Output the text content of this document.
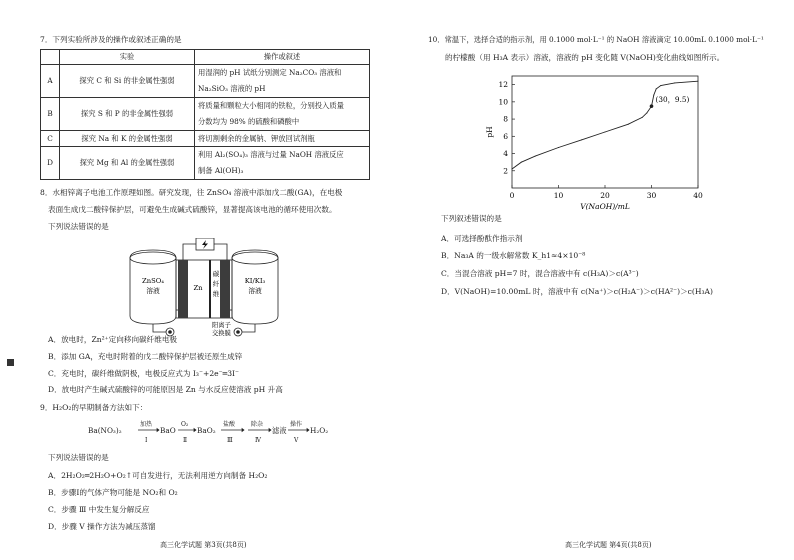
7．下列实验所涉及的操作或叙述正确的是
	实验	操作或叙述
A	探究 C 和 Si 的非金属性强弱	用湿润的 pH 试纸分别测定 Na₂CO₃ 溶液和
Na₂SiO₃ 溶液的 pH

B	探究 S 和 P 的非金属性强弱	将质量和颗粒大小相同的铁粒，分别投入质量
分数均为 98% 的硫酸和磷酸中

C	探究 Na 和 K 的金属性强弱	将切割剩余的金属钠、钾放回试剂瓶
D	探究 Mg 和 Al 的金属性强弱	利用 Al₂(SO₄)₃ 溶液与过量 NaOH 溶液反应
制备 Al(OH)₃
8．水相锌离子电池工作原理如图。研究发现，往 ZnSO₄ 溶液中添加戊二酸(GA)，在电极
表面生成戊二酸锌保护层，可避免生成碱式硫酸锌，显著提高该电池的循环使用次数。
下列说法错误的是
ZnSO₄
溶液	Zn
碳
纤
维
KI/KI₃
溶液
阳离子
交换膜
A．放电时，Zn²⁺定向移向碳纤维电极
B．添加 GA，充电时附着的戊二酸锌保护层被还原生成锌
C．充电时，碳纤维做阴极，电极反应式为 I₃⁻+2e⁻═3I⁻
D．放电时产生碱式硫酸锌的可能原因是 Zn 与水反应使溶液 pH 升高
9．H₂O₂的早期制备方法如下：
Ba(NO₃)₂
加热
Ⅰ
BaO
O₂
Ⅱ
BaO₂
盐酸
Ⅲ
除杂
Ⅳ
滤液
操作
Ⅴ
H₂O₂
下列说法错误的是
A．2H₂O₂═2H₂O+O₂↑可自发进行，无法利用逆方向制备 H₂O₂
B．步骤Ⅰ的气体产物可能是 NO₂和 O₂
C．步骤 Ⅲ 中发生复分解反应
D．步骤 V 操作方法为减压蒸馏
高三化学试题 第3页(共8页)
10．常温下，选择合适的指示剂，用 0.1000 mol·L⁻¹ 的 NaOH 溶液滴定 10.00mL 0.1000 mol·L⁻¹
的柠檬酸（用 H₃A 表示）溶液，溶液的 pH 变化随 V(NaOH)变化曲线如图所示。
0	10	20	30	40
2
4
6
8
10
12
V(NaOH)/mL
pH
(30，9.5)
下列叙述错误的是
A．可选择酚酞作指示剂
B．Na₃A 的一级水解常数 K_h1≈4×10⁻⁸
C．当混合溶液 pH=7 时，混合溶液中有 c(H₃A)＞c(A³⁻)
D．V(NaOH)=10.00mL 时，溶液中有 c(Na⁺)＞c(H₂A⁻)＞c(HA²⁻)＞c(H₃A)
高三化学试题 第4页(共8页)
